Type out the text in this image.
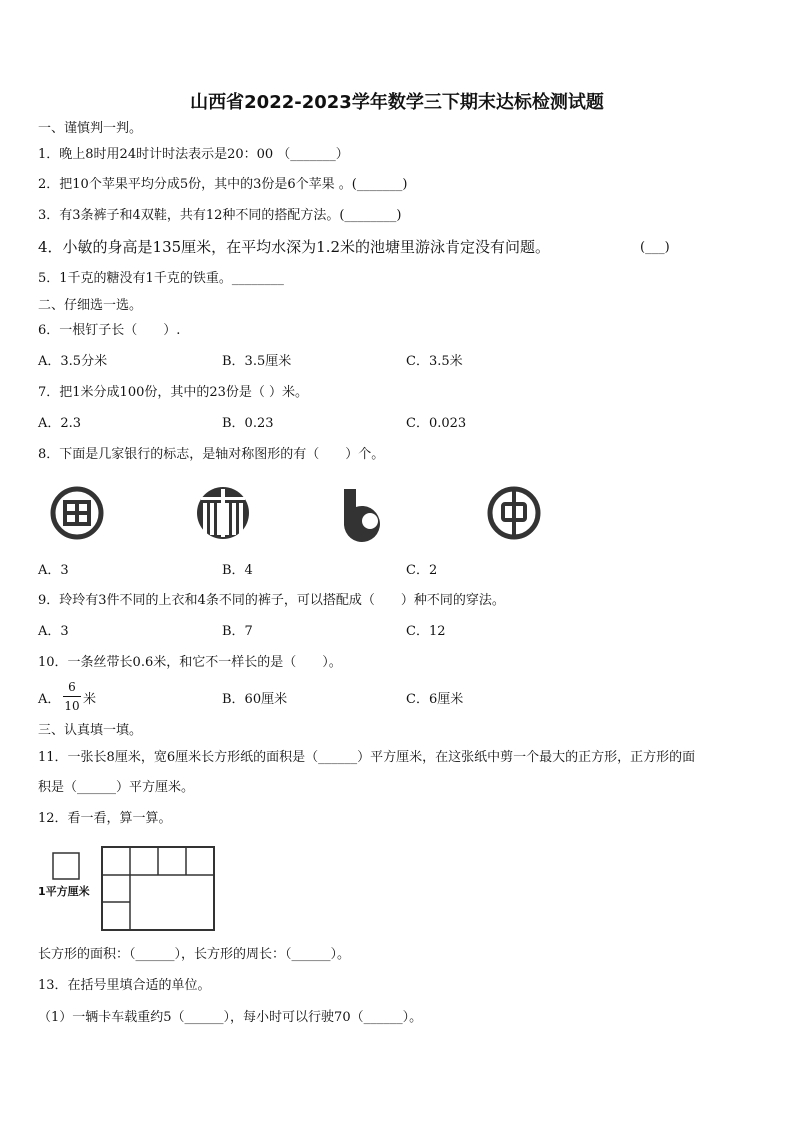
山西省2022-2023学年数学三下期末达标检测试题
一、谨慎判一判。
1．晚上8时用24时计时法表示是20：00 （_______）
2．把10个苹果平均分成5份，其中的3份是6个苹果 。(_______)
3．有3条裤子和4双鞋，共有12种不同的搭配方法。(________)
4．小敏的身高是135厘米，在平均水深为1.2米的池塘里游泳肯定没有问题。	(___)
5．1千克的糖没有1千克的铁重。________
二、仔细选一选。
6．一根钉子长（　　）.
A．3.5分米	B．3.5厘米	C．3.5米
7．把1米分成100份，其中的23份是（ ）米。
A．2.3	B．0.23	C．0.023
8．下面是几家银行的标志，是轴对称图形的有（　　）个。
A．3	B．4	C．2
9．玲玲有3件不同的上衣和4条不同的裤子，可以搭配成（　　）种不同的穿法。
A．3	B．7	C．12
10．一条丝带长0.6米，和它不一样长的是（　　）。
A．
6
10 米	B．60厘米	C．6厘米
三、认真填一填。
11．一张长8厘米，宽6厘米长方形纸的面积是（______）平方厘米，在这张纸中剪一个最大的正方形，正方形的面
积是（______）平方厘米。
12．看一看，算一算。
1平方厘米
长方形的面积：（______），长方形的周长：（______）。
13．在括号里填合适的单位。
（1）一辆卡车载重约5（______），每小时可以行驶70（______）。
